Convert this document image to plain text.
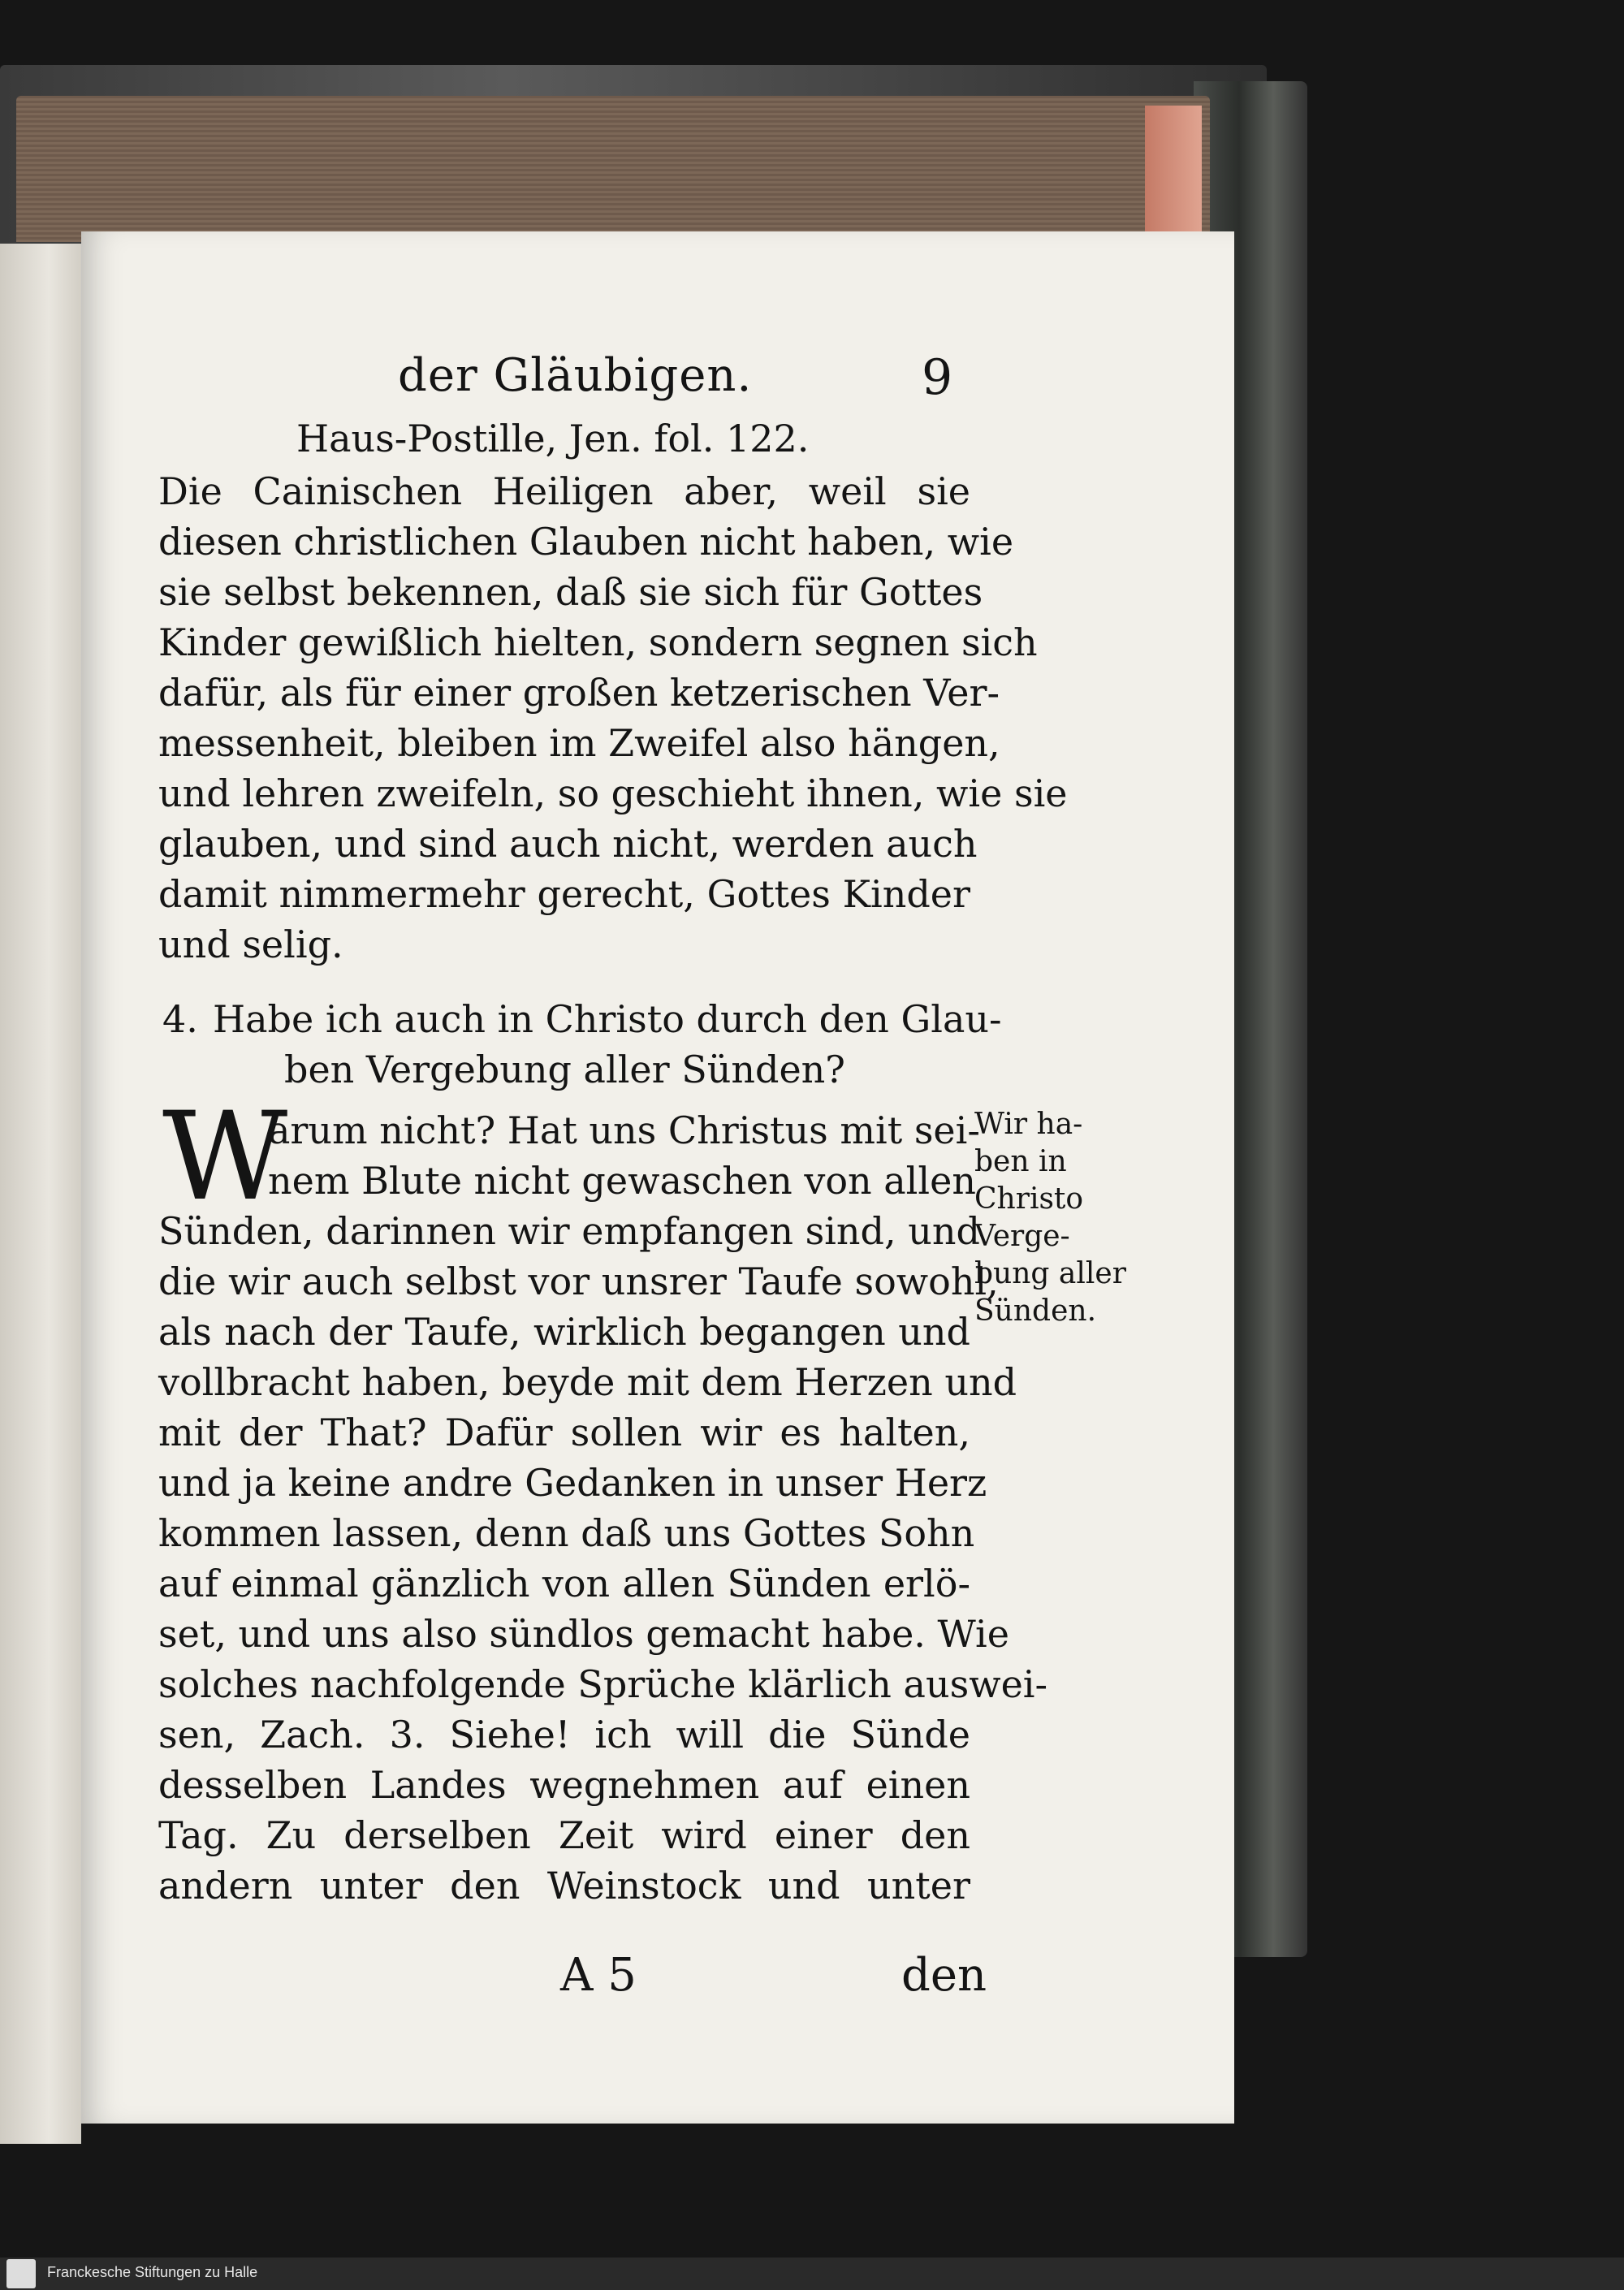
der Gläubigen.	9
Haus-Postille, Jen. fol. 122.
Die Cainischen Heiligen aber, weil sie
diesen christlichen Glauben nicht haben, wie
sie selbst bekennen, daß sie sich für Gottes
Kinder gewißlich hielten, sondern segnen sich
dafür, als für einer großen ketzerischen Ver-
messenheit, bleiben im Zweifel also hängen,
und lehren zweifeln, so geschieht ihnen, wie sie
glauben, und sind auch nicht, werden auch
damit nimmermehr gerecht, Gottes Kinder
und selig.
4. Habe ich auch in Christo durch den Glau-
ben Vergebung aller Sünden?
W
arum nicht? Hat uns Christus mit sei-
nem Blute nicht gewaschen von allen
Sünden, darinnen wir empfangen sind, und
die wir auch selbst vor unsrer Taufe sowohl,
als nach der Taufe, wirklich begangen und
vollbracht haben, beyde mit dem Herzen und
mit der That? Dafür sollen wir es halten,
und ja keine andre Gedanken in unser Herz
kommen lassen, denn daß uns Gottes Sohn
auf einmal gänzlich von allen Sünden erlö-
set, und uns also sündlos gemacht habe. Wie
solches nachfolgende Sprüche klärlich auswei-
sen, Zach. 3. Siehe! ich will die Sünde
desselben Landes wegnehmen auf einen
Tag. Zu derselben Zeit wird einer den
andern unter den Weinstock und unter
Wir ha-
ben in
Christo
Verge-
bung aller
Sünden.
A 5	den
Franckesche Stiftungen zu Halle
